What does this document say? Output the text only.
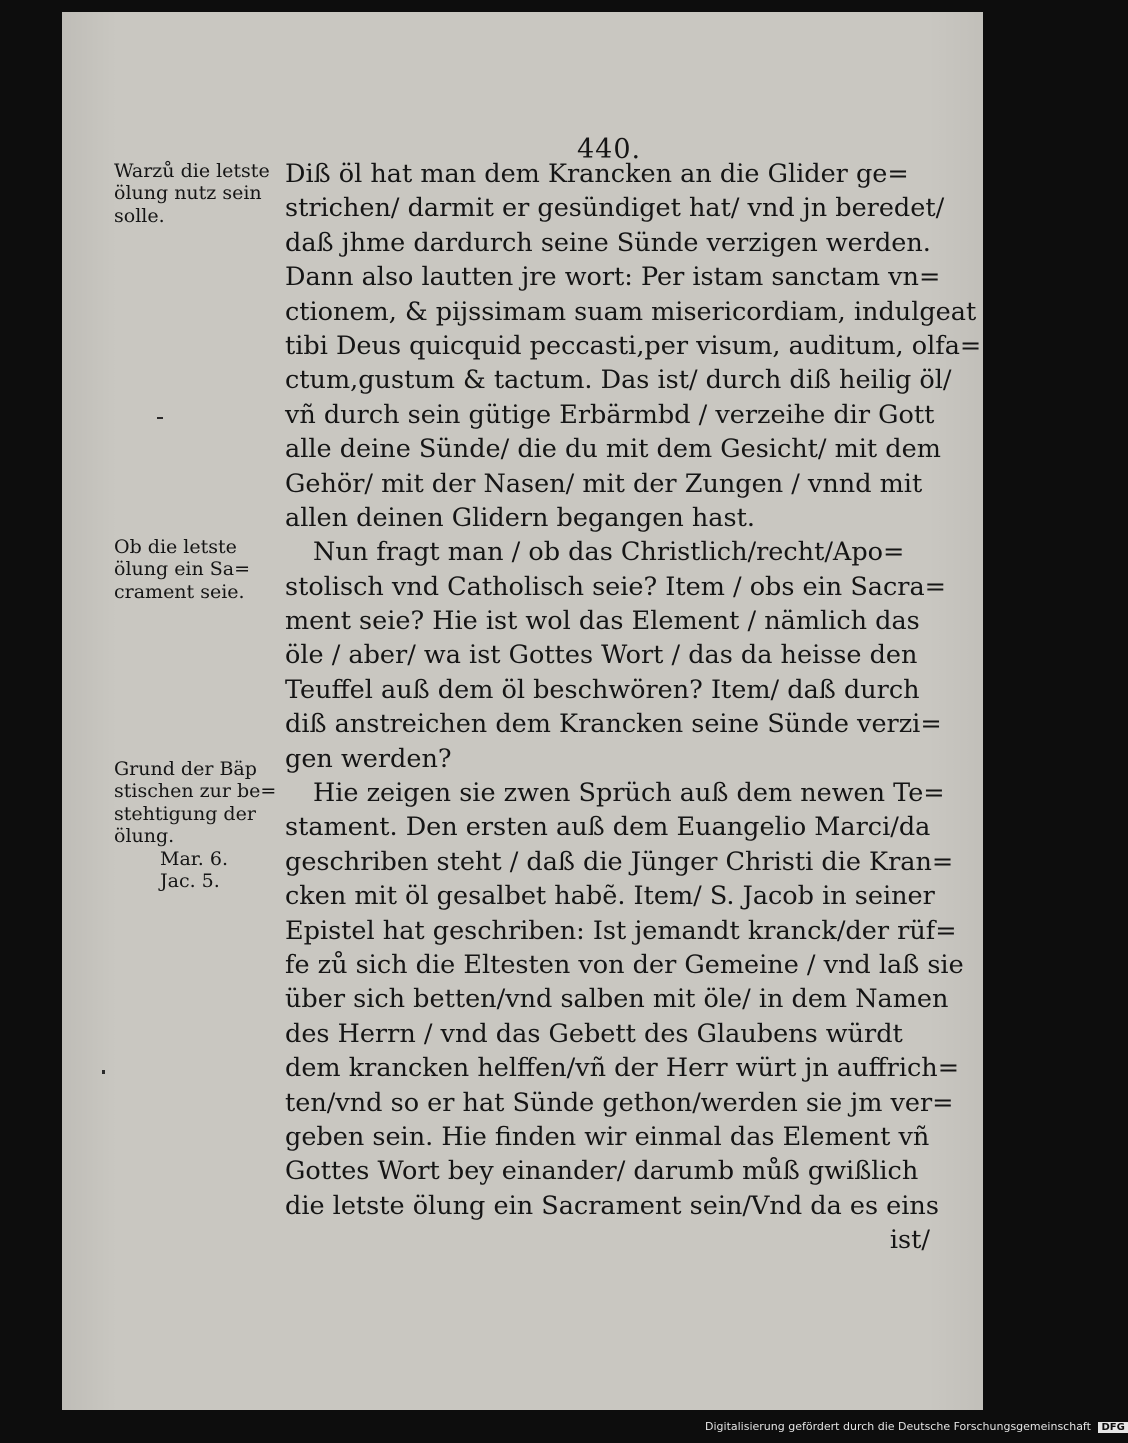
440.
Diß öl hat man dem Krancken an die Glider ge=
strichen/ darmit er gesündiget hat/ vnd jn beredet/
daß jhme dardurch seine Sünde verzigen werden.
Dann also lautten jre wort: Per istam sanctam vn=
ctionem, & pijssimam suam misericordiam, indulgeat
tibi Deus quicquid peccasti,per visum, auditum, olfa=
ctum,gustum & tactum. Das ist/ durch diß heilig öl/
vñ durch sein gütige Erbärmbd / verzeihe dir Gott
alle deine Sünde/ die du mit dem Gesicht/ mit dem
Gehör/ mit der Nasen/ mit der Zungen / vnnd mit
allen deinen Glidern begangen hast.
Nun fragt man / ob das Christlich/recht/Apo=
stolisch vnd Catholisch seie? Item / obs ein Sacra=
ment seie? Hie ist wol das Element / nämlich das
öle / aber/ wa ist Gottes Wort / das da heisse den
Teuffel auß dem öl beschwören? Item/ daß durch
diß anstreichen dem Krancken seine Sünde verzi=
gen werden?
Hie zeigen sie zwen Sprüch auß dem newen Te=
stament. Den ersten auß dem Euangelio Marci/da
geschriben steht / daß die Jünger Christi die Kran=
cken mit öl gesalbet habẽ. Item/ S. Jacob in seiner
Epistel hat geschriben: Ist jemandt kranck/der rüf=
fe zů sich die Eltesten von der Gemeine / vnd laß sie
über sich betten/vnd salben mit öle/ in dem Namen
des Herrn / vnd das Gebett des Glaubens würdt
dem krancken helffen/vñ der Herr würt jn auffrich=
ten/vnd so er hat Sünde gethon/werden sie jm ver=
geben sein. Hie finden wir einmal das Element vñ
Gottes Wort bey einander/ darumb můß gwißlich
die letste ölung ein Sacrament sein/Vnd da es eins
ist/
Warzů die letste
ölung nutz sein
solle.
Ob die letste
ölung ein Sa=
crament seie.
Grund der Bäp
stischen zur be=
stehtigung der
ölung.
Mar. 6.
Jac. 5.
Digitalisierung gefördert durch die Deutsche Forschungsgemeinschaft DFG
